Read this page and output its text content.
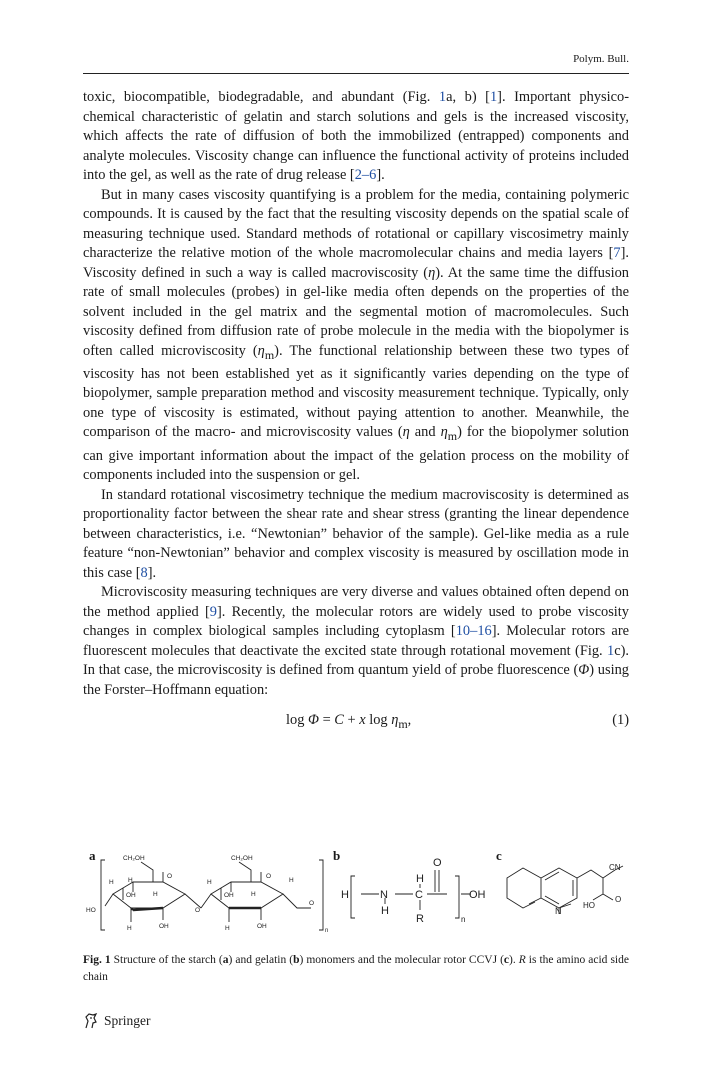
Polym. Bull.

toxic, biocompatible, biodegradable, and abundant (Fig. 1a, b) [1]. Important physico-chemical characteristic of gelatin and starch solutions and gels is the increased viscosity, which affects the rate of diffusion of both the immobilized (entrapped) components and analyte molecules. Viscosity change can influence the functional activity of proteins included into the gel, as well as the rate of drug release [2–6].

But in many cases viscosity quantifying is a problem for the media, containing polymeric compounds. It is caused by the fact that the resulting viscosity depends on the spatial scale of measuring technique used. Standard methods of rotational or capillary viscosimetry mainly characterize the relative motion of the whole macromolecular chains and media layers [7]. Viscosity defined in such a way is called macroviscosity (η). At the same time the diffusion rate of small molecules (probes) in gel-like media often depends on the properties of the solvent included in the gel matrix and the segmental motion of macromolecules. Such viscosity defined from diffusion rate of probe molecule in the media with the biopolymer is often called microviscosity $(\eta_m)$. The functional relationship between these two types of viscosity has not been established yet as it significantly varies depending on the type of biopolymer, sample preparation method and viscosity measurement technique. Typically, only one type of viscosity is estimated, without paying attention to another. Meanwhile, the comparison of the macro- and microviscosity values (η and $\eta_m$) for the biopolymer solution can give important information about the impact of the gelation process on the mobility of components included into the suspension or gel.

In standard rotational viscosimetry technique the medium macroviscosity is determined as proportionality factor between the shear rate and shear stress (granting the linear dependence between characteristics, i.e. “Newtonian” behavior of the sample). Gel-like media as a rule feature “non-Newtonian” behavior and complex viscosity is measured by oscillation mode in this case [8].

Microviscosity measuring techniques are very diverse and values obtained often depend on the method applied [9]. Recently, the molecular rotors are widely used to probe viscosity changes in complex biological samples including cytoplasm [10–16]. Molecular rotors are fluorescent molecules that deactivate the excited state through rotational movement (Fig. 1c). In that case, the microviscosity is defined from quantum yield of probe fluorescence (Φ) using the Forster–Hoffmann equation:

log Φ = C + x $\log \eta_m$,	(1)
a	b	c
CH₂OH	CH₂OH
H H
O
OH	H
OH
H
HO	O
H
O
OH	H
OH
H
H
O
n
H	N
H
H
C
R
O
OH
n
CN
O
HO
N
Fig. 1 Structure of the starch (a) and gelatin (b) monomers and the molecular rotor CCVJ (c). R is the amino acid side chain
Springer
